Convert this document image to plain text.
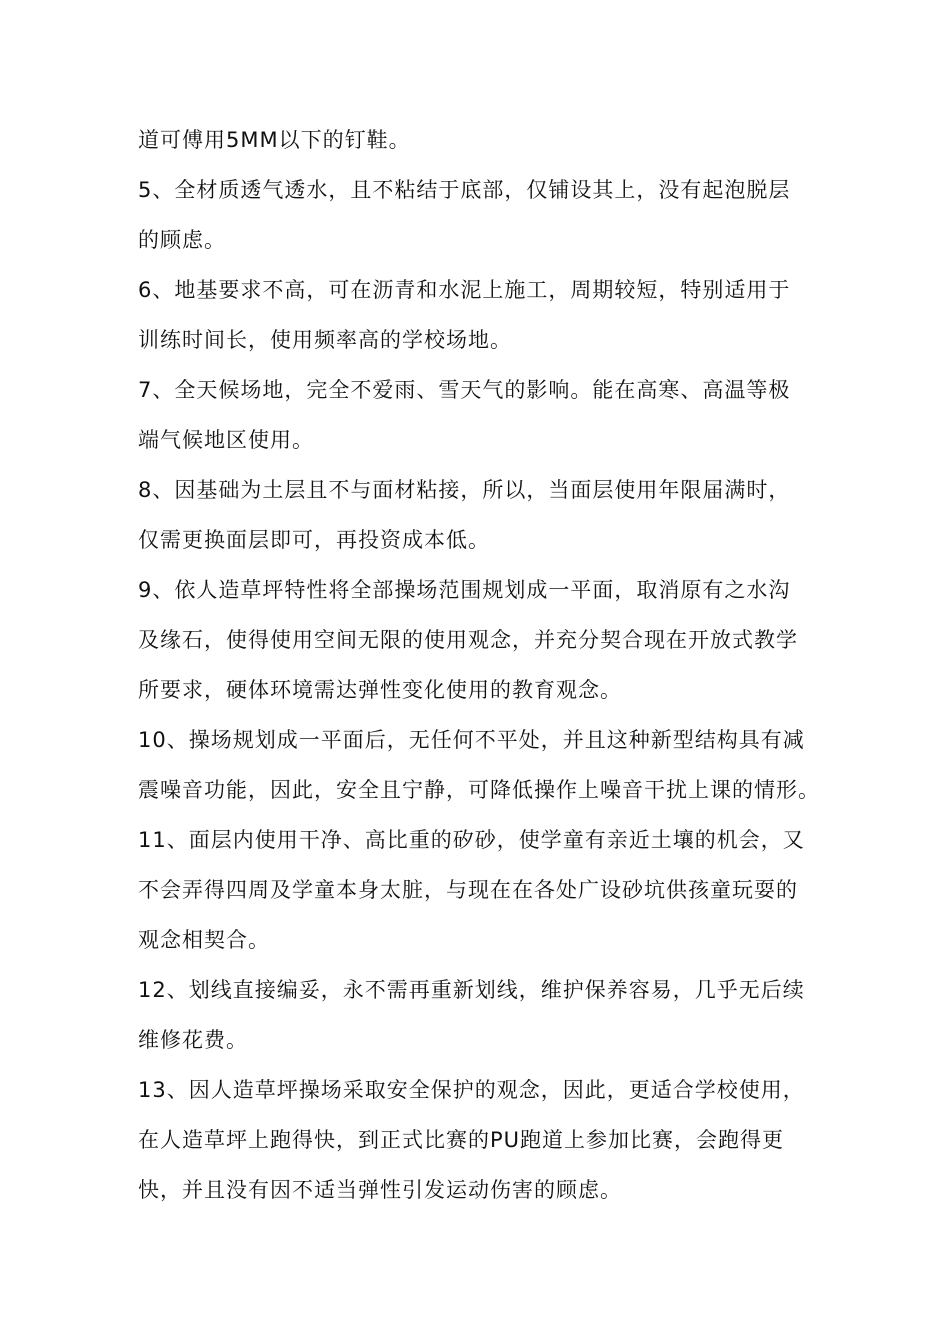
道可傅用5MM以下的钉鞋。
5、全材质透气透水，且不粘结于底部，仅铺设其上，没有起泡脱层
的顾虑。
6、地基要求不高，可在沥青和水泥上施工，周期较短，特别适用于
训练时间长，使用频率高的学校场地。
7、全天候场地，完全不爱雨、雪天气的影响。能在高寒、高温等极
端气候地区使用。
8、因基础为土层且不与面材粘接，所以，当面层使用年限届满时，
仅需更换面层即可，再投资成本低。
9、依人造草坪特性将全部操场范围规划成一平面，取消原有之水沟
及缘石，使得使用空间无限的使用观念，并充分契合现在开放式教学
所要求，硬体环境需达弹性变化使用的教育观念。
10、操场规划成一平面后，无任何不平处，并且这种新型结构具有减
震噪音功能，因此，安全且宁静，可降低操作上噪音干扰上课的情形。
11、面层内使用干净、高比重的矽砂，使学童有亲近土壤的机会，又
不会弄得四周及学童本身太脏，与现在在各处广设砂坑供孩童玩耍的
观念相契合。
12、划线直接编妥，永不需再重新划线，维护保养容易，几乎无后续
维修花费。
13、因人造草坪操场采取安全保护的观念，因此，更适合学校使用，
在人造草坪上跑得快，到正式比赛的PU跑道上参加比赛，会跑得更
快，并且没有因不适当弹性引发运动伤害的顾虑。
